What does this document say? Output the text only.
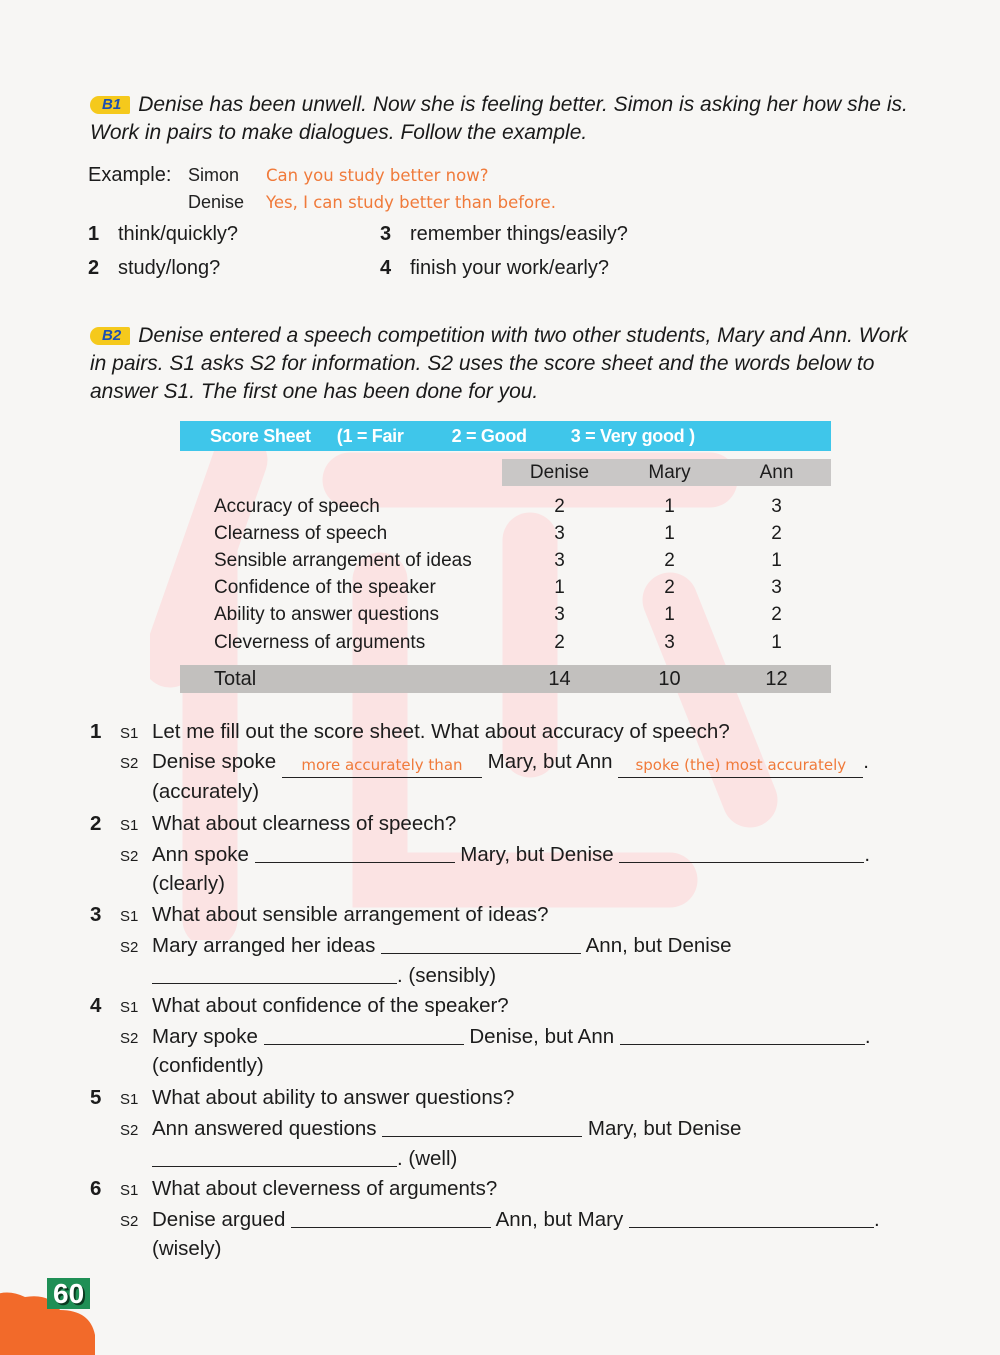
B1 Denise has been unwell. Now she is feeling better. Simon is asking her how she is. Work in pairs to make dialogues. Follow the example.
Example: Simon	Can you study better now?
Denise	Yes, I can study better than before.
1 think/quickly?
2 study/long?
3 remember things/easily?
4 finish your work/early?
B2 Denise entered a speech competition with two other students, Mary and Ann. Work in pairs. S1 asks S2 for information. S2 uses the score sheet and the words below to answer S1. The first one has been done for you.
Score Sheet (1 = Fair	2 = Good 3 = Very good )
Denise	Mary	Ann
Accuracy of speech	2	1	3
Clearness of speech	3	1	2
Sensible arrangement of ideas	3	2	1
Confidence of the speaker	1	2	3
Ability to answer questions	3	1	2
Cleverness of arguments	2	3	1
Total	14	10	12
1	S1 Let me fill out the score sheet. What about accuracy of speech?
S2 Denise spoke more accurately than Mary, but Ann spoke (the) most accurately .
(accurately)
2	S1 What about clearness of speech?
S2 Ann spoke	Mary, but Denise	.
(clearly)
3	S1 What about sensible arrangement of ideas?
S2 Mary arranged her ideas	Ann, but Denise
. (sensibly)
4	S1 What about confidence of the speaker?
S2 Mary spoke	Denise, but Ann	.
(confidently)
5	S1 What about ability to answer questions?
S2 Ann answered questions	Mary, but Denise
. (well)
6	S1 What about cleverness of arguments?
S2 Denise argued	Ann, but Mary	.
(wisely)
60
